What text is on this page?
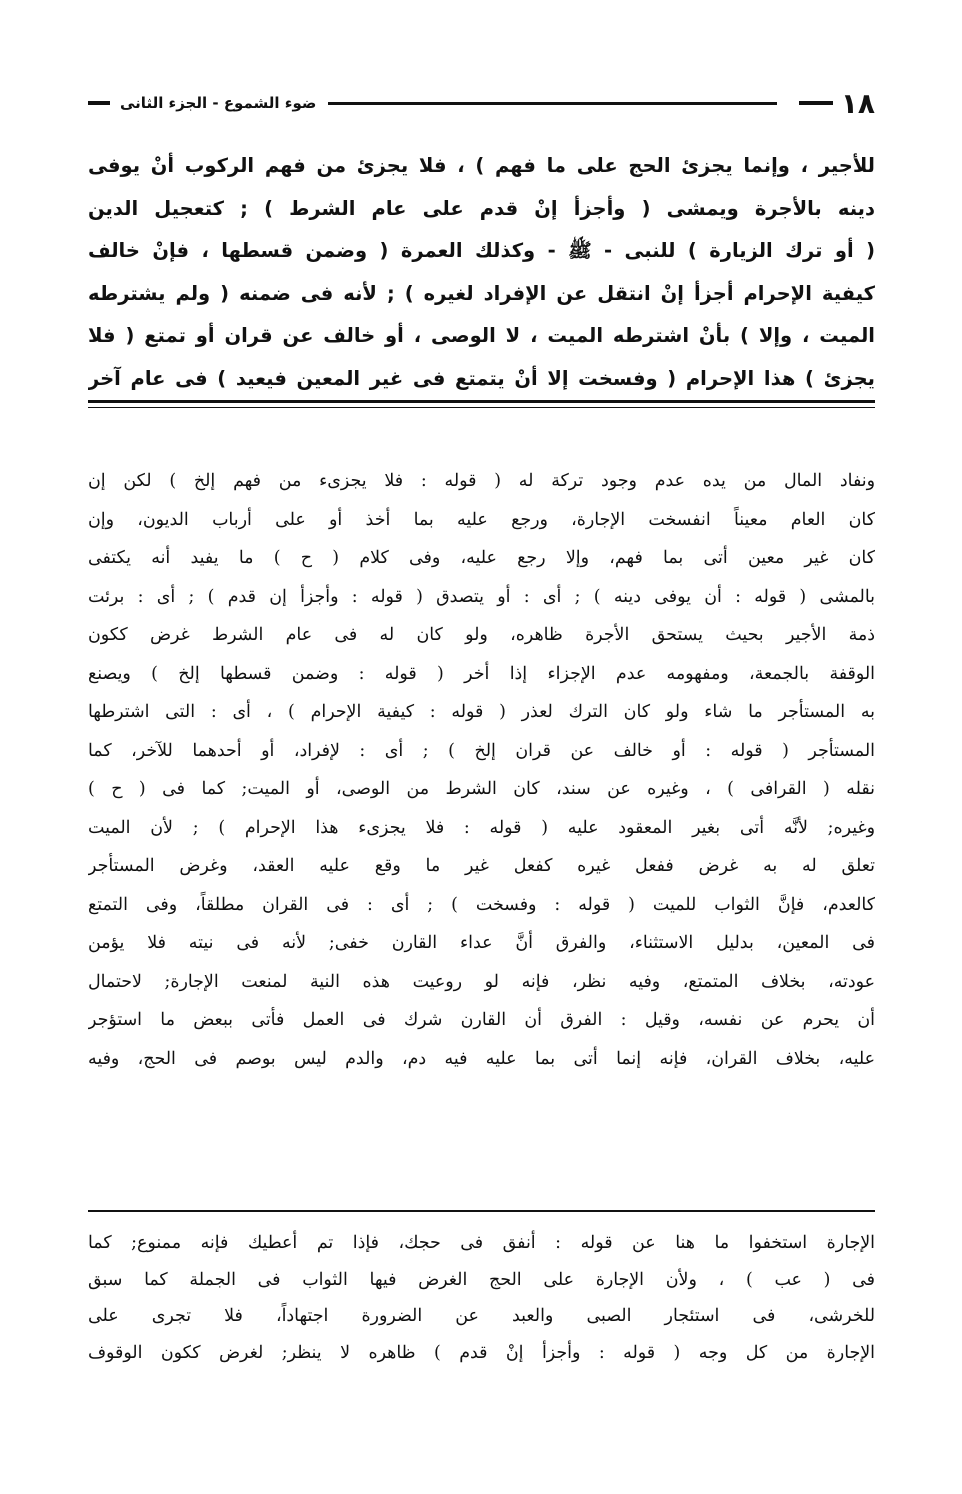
١٨
ضوء الشموع - الجزء الثانى
للأجير ، وإنما يجزئ الحج على ما فهم ) ، فلا يجزئ من فهم الركوب أنْ يوفى
دينه بالأجرة ويمشى ( وأجزأ إنْ قدم على عام الشرط ) ; كتعجيل الدين
( أو ترك الزيارة ) للنبى - ﷺ - وكذلك العمرة ( وضمن قسطها ، فإنْ خالف
كيفية الإحرام أجزأ إنْ انتقل عن الإفراد لغيره ) ; لأنه فى ضمنه ( ولم يشترطه
الميت ، وإلا ) بأنْ اشترطه الميت ، لا الوصى ، أو خالف عن قران أو تمتع ( فلا
يجزئ ) هذا الإحرام ( وفسخت إلا أنْ يتمتع فى غير المعين فيعيد ) فى عام آخر
ونفاد المال من يده عدم وجود تركة له ( قوله : فلا يجزىء من فهم إلخ ) لكن إن
كان العام معيناً انفسخت الإجارة، ورجع عليه بما أخذ أو على أرباب الديون، وإن
كان غير معين أتى بما فهم، وإلا رجع عليه، وفى كلام ( ح ) ما يفيد أنه يكتفى
بالمشى ( قوله : أن يوفى دينه ) ; أى : أو يتصدق ( قوله : وأجزأ إن قدم ) ; أى : برئت
ذمة الأجير بحيث يستحق الأجرة ظاهره، ولو كان له فى عام الشرط غرض ككون
الوقفة بالجمعة، ومفهومه عدم الإجزاء إذا أخر ( قوله : وضمن قسطها إلخ ) ويصنع
به المستأجر ما شاء ولو كان الترك لعذر ( قوله : كيفية الإحرام ) ، أى : التى اشترطها
المستأجر ( قوله : أو خالف عن قران إلخ ) ; أى : لإفراد، أو أحدهما للآخر، كما
نقله ( القرافى ) ، وغيره عن سند، كان الشرط من الوصى، أو الميت; كما فى ( ح )
وغيره; لأنَّه أتى بغير المعقود عليه ( قوله : فلا يجزىء هذا الإحرام ) ; لأن الميت
تعلق له به غرض ففعل غيره كفعل غير ما وقع عليه العقد، وغرض المستأجر
كالعدم، فإنَّ الثواب للميت ( قوله : وفسخت ) ; أى : فى القران مطلقاً، وفى التمتع
فى المعين، بدليل الاستثناء، والفرق أنَّ عداء القارن خفى; لأنه فى نيته فلا يؤمن
عودته، بخلاف المتمتع، وفيه نظر، فإنه لو روعيت هذه النية لمنعت الإجارة; لاحتمال
أن يحرم عن نفسه، وقيل : الفرق أن القارن شرك فى العمل فأتى ببعض ما استؤجر
عليه، بخلاف القران، فإنه إنما أتى بما عليه فيه دم، والدم ليس بوصم فى الحج، وفيه
الإجارة استخفوا ما هنا عن قوله : أنفق فى حجك، فإذا تم أعطيك فإنه ممنوع; كما
فى ( عب ) ، ولأن الإجارة على الحج الغرض فيها الثواب فى الجملة كما سبق
للخرشى، فى استئجار الصبى والعبد عن الضرورة اجتهاداً، فلا تجرى على
الإجارة من كل وجه ( قوله : وأجزأ إنْ قدم ) ظاهره لا ينظر; لغرض ككون الوقوف
